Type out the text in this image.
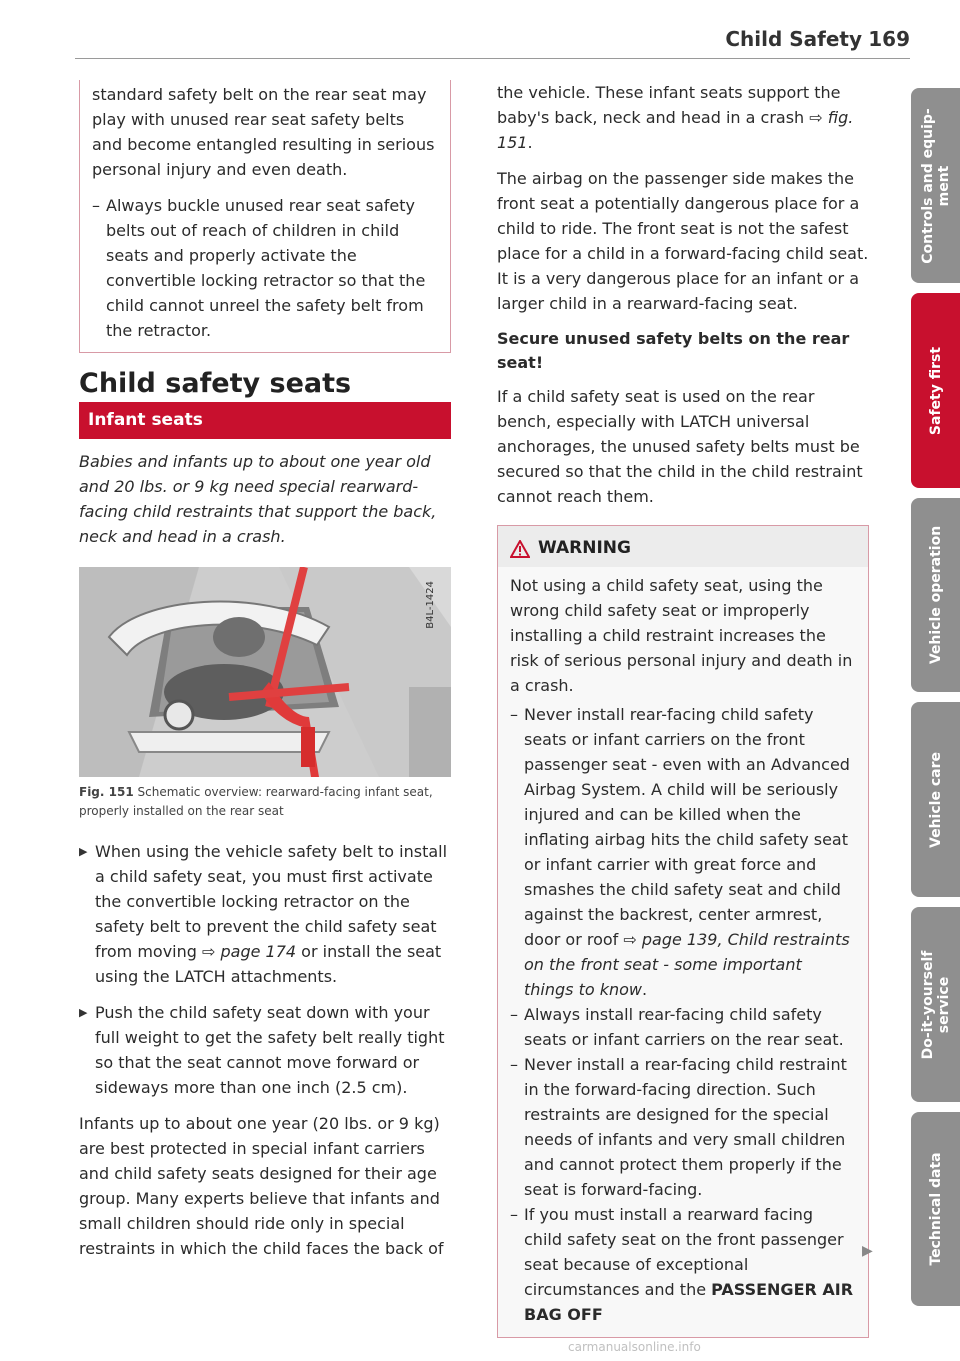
Child Safety 169

standard safety belt on the rear seat may play with unused rear seat safety belts and become entangled resulting in serious personal injury and even death.

– Always buckle unused rear seat safety belts out of reach of children in child seats and properly activate the convertible locking retractor so that the child cannot unreel the safety belt from the retractor.
Child safety seats
Infant seats

Babies and infants up to about one year old and 20 lbs. or 9 kg need special rearward-facing child restraints that support the back, neck and head in a crash.

B4L-1424
Fig. 151 Schematic overview: rearward-facing infant seat, properly installed on the rear seat

▶ When using the vehicle safety belt to install a child safety seat, you must first activate the convertible locking retractor on the safety belt to prevent the child safety seat from moving ⇨ page 174 or install the seat using the LATCH attachments.

▶ Push the child safety seat down with your full weight to get the safety belt really tight so that the seat cannot move forward or sideways more than one inch (2.5 cm).

Infants up to about one year (20 lbs. or 9 kg) are best protected in special infant carriers and child safety seats designed for their age group. Many experts believe that infants and small children should ride only in special restraints in which the child faces the back of

the vehicle. These infant seats support the baby's back, neck and head in a crash ⇨ fig. 151.

The airbag on the passenger side makes the front seat a potentially dangerous place for a child to ride. The front seat is not the safest place for a child in a forward-facing child seat. It is a very dangerous place for an infant or a larger child in a rearward-facing seat.

Secure unused safety belts on the rear seat!

If a child safety seat is used on the rear bench, especially with LATCH universal anchorages, the unused safety belts must be secured so that the child in the child restraint cannot reach them.

WARNING

Not using a child safety seat, using the wrong child safety seat or improperly installing a child restraint increases the risk of serious personal injury and death in a crash.

– Never install rear-facing child safety seats or infant carriers on the front passenger seat - even with an Advanced Airbag System. A child will be seriously injured and can be killed when the inflating airbag hits the child safety seat or infant carrier with great force and smashes the child safety seat and child against the backrest, center armrest, door or roof ⇨ page 139, Child restraints on the front seat - some important things to know.
– Always install rear-facing child safety seats or infant carriers on the rear seat.
– Never install a rear-facing child restraint in the forward-facing direction. Such restraints are designed for the special needs of infants and very small children and cannot protect them properly if the seat is forward-facing.
– If you must install a rearward facing child safety seat on the front passenger seat because of exceptional circumstances and the PASSENGER AIR BAG OFF
▶
Controls and equip-
ment
Safety first
Vehicle operation
Vehicle care
Do-it-yourself
service
Technical data
carmanualsonline.info
